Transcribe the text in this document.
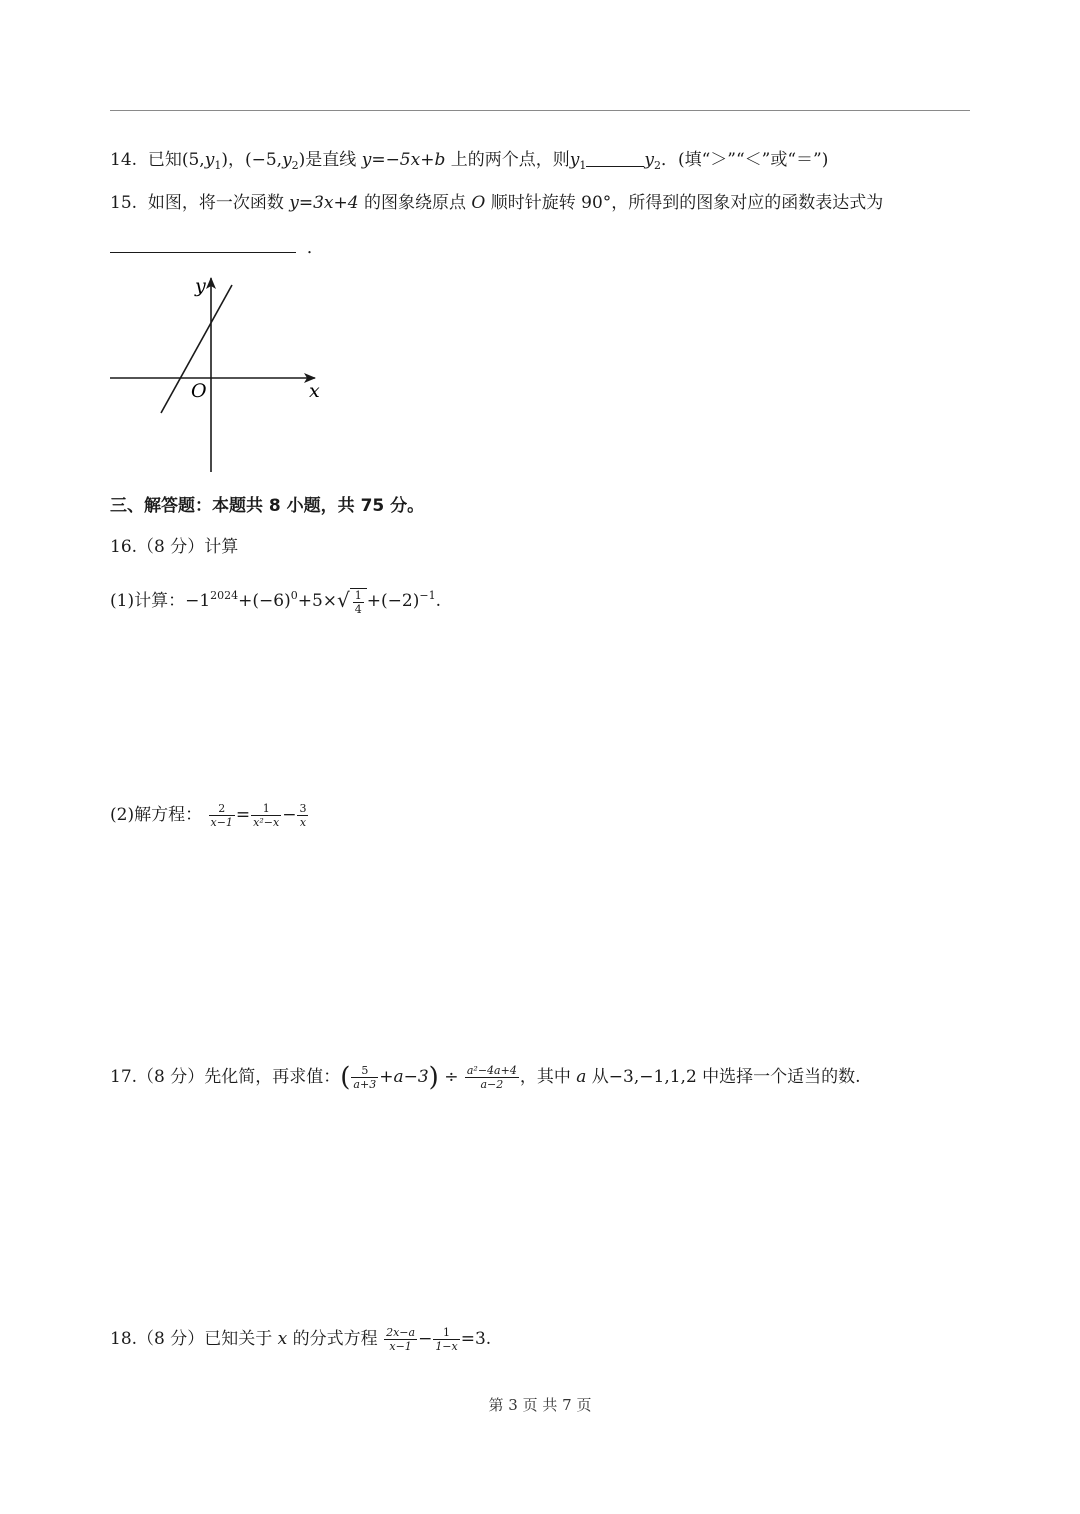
14. 已知$(5,y_1)$，$(-5,y_2)$是直线 y=−5x+b 上的两个点，则$y_1$	$y_2$．(填“＞”“＜”或“＝”)
15. 如图，将一次函数 y=3x+4 的图象绕原点 O 顺时针旋转 90°，所得到的图象对应的函数表达式为
．
y
x
O
三、解答题：本题共 8 小题，共 75 分。
16.（8 分）计算
(1)计算：$-1^{2024}+(-6)^0+5\times√ \frac{1}{4} +(-2)^{-1}$.
(2)解方程： $\frac{2}{x-1} = \frac{1}{\text{x²−x}} - \frac{3}{x}$
17.（8 分）先化简，再求值：( $\frac{5}{a+3} +a-3) \div \frac{\text{a²−4a+4}}{a-2}$ ，其中 a 从−3,−1,1,2 中选择一个适当的数.
18.（8 分）已知关于 x 的分式方程 $\frac{2x-a}{x-1} - \frac{1}{1-x} =3$.
第 3 页 共 7 页
